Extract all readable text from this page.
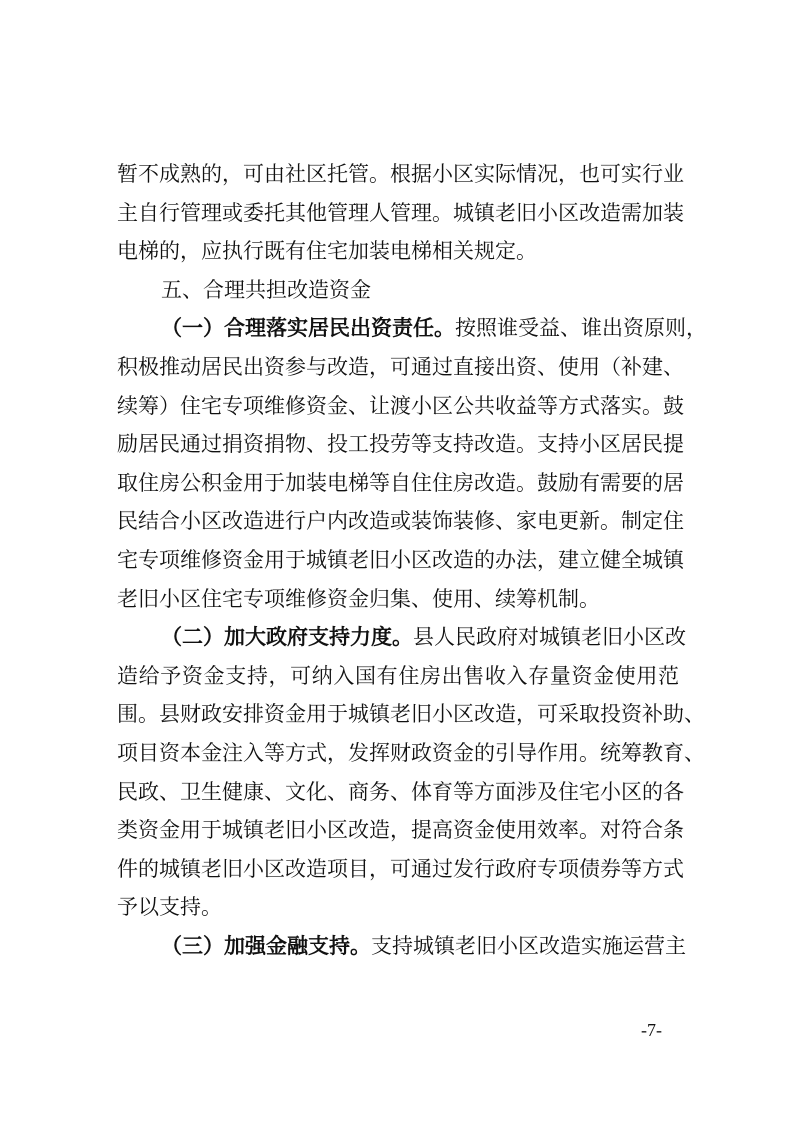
暂不成熟的，可由社区托管。根据小区实际情况，也可实行业
主自行管理或委托其他管理人管理。城镇老旧小区改造需加装
电梯的，应执行既有住宅加装电梯相关规定。
五、合理共担改造资金
（一）合理落实居民出资责任。按照谁受益、谁出资原则，
积极推动居民出资参与改造，可通过直接出资、使用（补建、
续筹）住宅专项维修资金、让渡小区公共收益等方式落实。鼓
励居民通过捐资捐物、投工投劳等支持改造。支持小区居民提
取住房公积金用于加装电梯等自住住房改造。鼓励有需要的居
民结合小区改造进行户内改造或装饰装修、家电更新。制定住
宅专项维修资金用于城镇老旧小区改造的办法，建立健全城镇
老旧小区住宅专项维修资金归集、使用、续筹机制。
（二）加大政府支持力度。县人民政府对城镇老旧小区改
造给予资金支持，可纳入国有住房出售收入存量资金使用范
围。县财政安排资金用于城镇老旧小区改造，可采取投资补助、
项目资本金注入等方式，发挥财政资金的引导作用。统筹教育、
民政、卫生健康、文化、商务、体育等方面涉及住宅小区的各
类资金用于城镇老旧小区改造，提高资金使用效率。对符合条
件的城镇老旧小区改造项目，可通过发行政府专项债券等方式
予以支持。
（三）加强金融支持。支持城镇老旧小区改造实施运营主
-7-
